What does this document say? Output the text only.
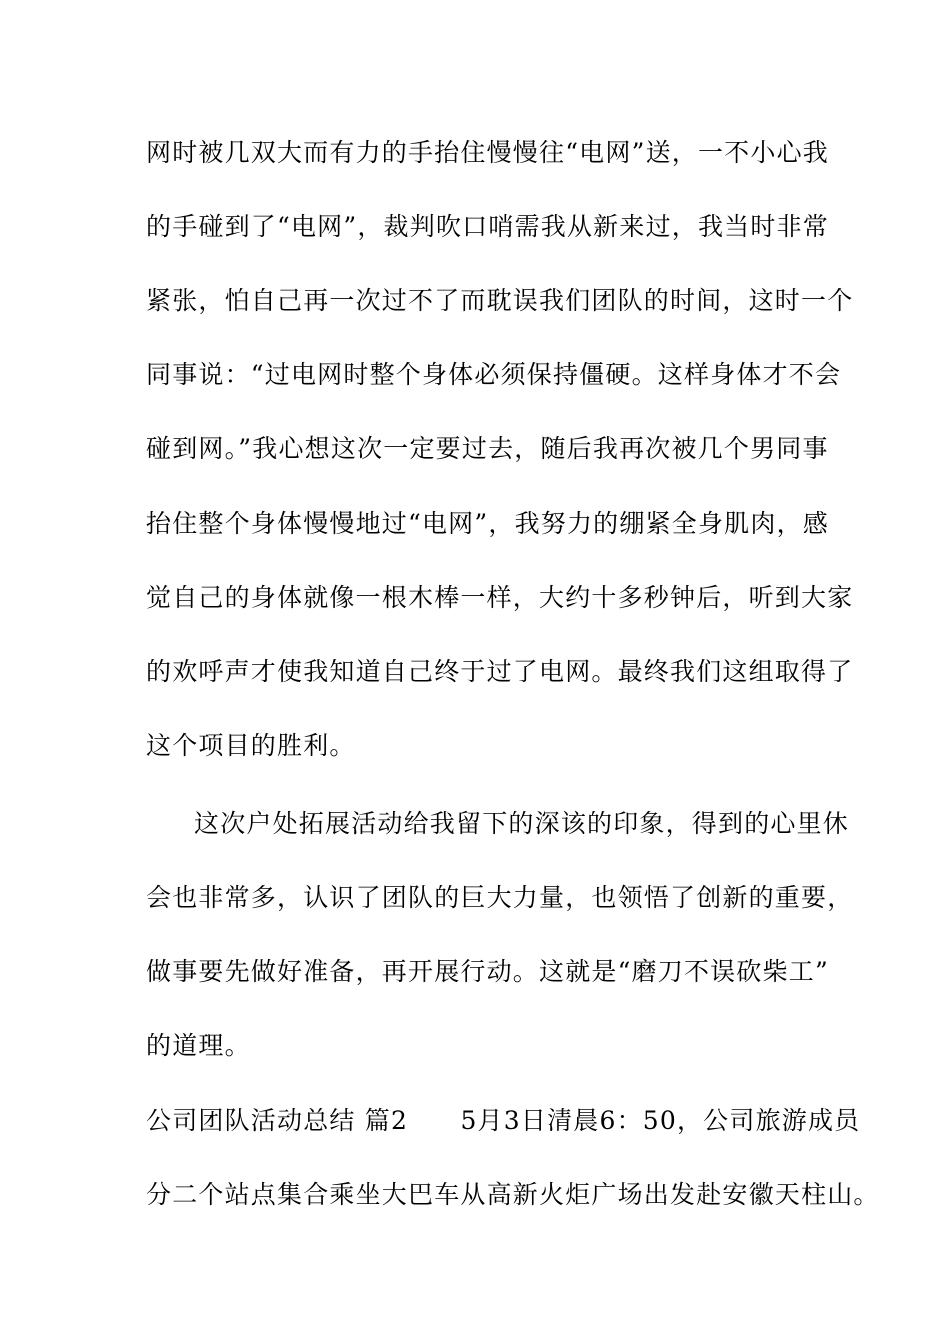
网时被几双大而有力的手抬住慢慢往“电网”送，一不小心我
的手碰到了“电网”，裁判吹口哨需我从新来过，我当时非常
紧张，怕自己再一次过不了而耽误我们团队的时间，这时一个
同事说：“过电网时整个身体必须保持僵硬。这样身体才不会
碰到网。”我心想这次一定要过去，随后我再次被几个男同事
抬住整个身体慢慢地过“电网”，我努力的绷紧全身肌肉，感
觉自己的身体就像一根木棒一样，大约十多秒钟后，听到大家
的欢呼声才使我知道自己终于过了电网。最终我们这组取得了
这个项目的胜利。
这次户处拓展活动给我留下的深该的印象，得到的心里休
会也非常多，认识了团队的巨大力量，也领悟了创新的重要，
做事要先做好准备，再开展行动。这就是“磨刀不误砍柴工”
的道理。
公司团队活动总结 篇2　　5月3日清晨6：50，公司旅游成员
分二个站点集合乘坐大巴车从高新火炬广场出发赴安徽天柱山。
